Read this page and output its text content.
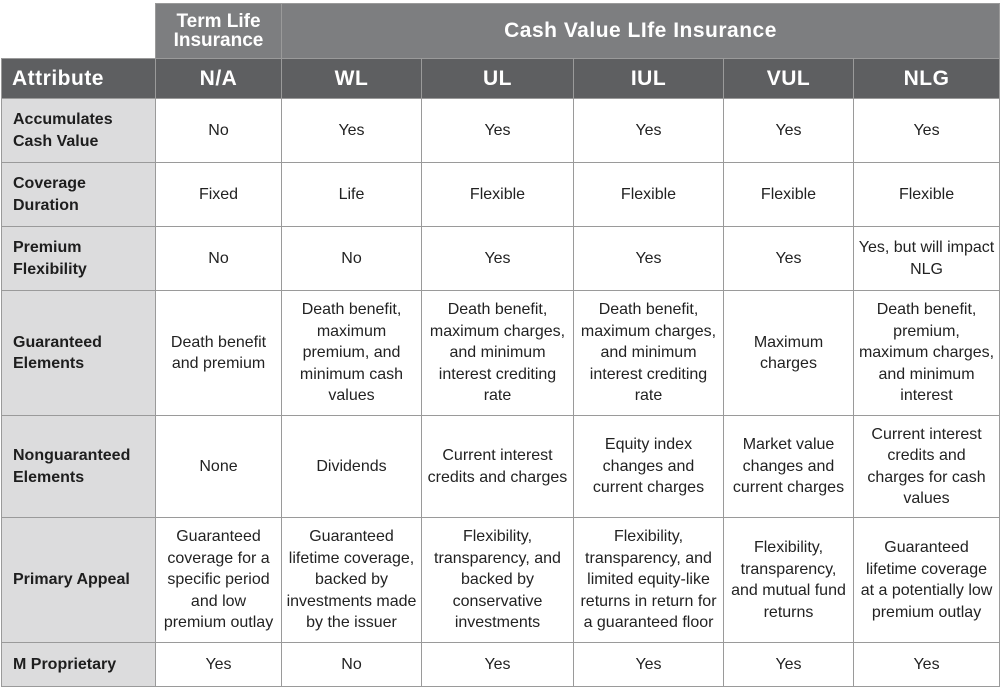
	Term Life Insurance	Cash Value LIfe Insurance				
Attribute	N/A	WL	UL	IUL	VUL	NLG
Accumulates Cash Value	No	Yes	Yes	Yes	Yes	Yes
Coverage Duration	Fixed	Life	Flexible	Flexible	Flexible	Flexible
Premium Flexibility	No	No	Yes	Yes	Yes	Yes, but will impact NLG
Guaranteed Elements	Death benefit and premium	Death benefit, maximum premium, and minimum cash values	Death benefit, maximum charges, and minimum interest crediting rate	Death benefit, maximum charges, and minimum interest crediting rate	Maximum charges	Death benefit, premium, maximum charges, and minimum interest
Nonguaranteed Elements	None	Dividends	Current interest credits and charges	Equity index changes and current charges	Market value changes and current charges	Current interest credits and charges for cash values
Primary Appeal	Guaranteed coverage for a specific period and low premium outlay	Guaranteed lifetime coverage, backed by investments made by the issuer	Flexibility, transparency, and backed by conservative investments	Flexibility, transparency, and limited equity-like returns in return for a guaranteed floor	Flexibility, transparency, and mutual fund returns	Guaranteed lifetime coverage at a potentially low premium outlay
M Proprietary	Yes	No	Yes	Yes	Yes	Yes
